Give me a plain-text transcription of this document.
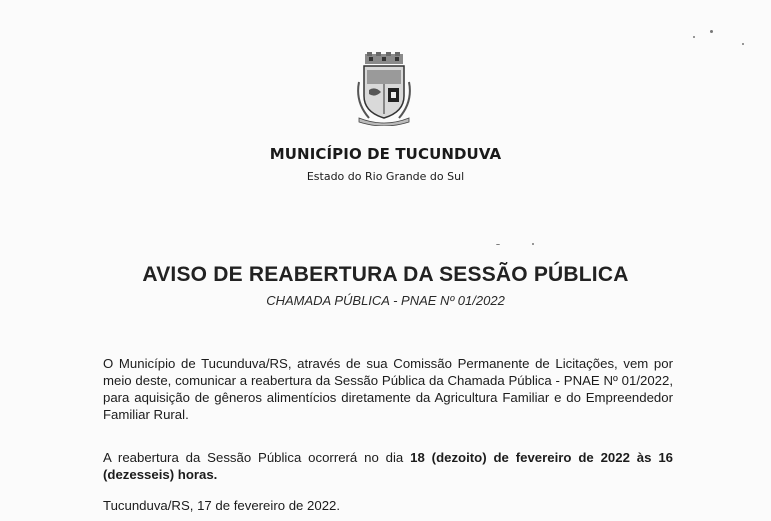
MUNICÍPIO DE TUCUNDUVA
Estado do Rio Grande do Sul
AVISO DE REABERTURA DA SESSÃO PÚBLICA
CHAMADA PÚBLICA - PNAE Nº 01/2022
O Município de Tucunduva/RS, através de sua Comissão Permanente de Licitações, vem por meio deste, comunicar a reabertura da Sessão Pública da Chamada Pública - PNAE Nº 01/2022, para aquisição de gêneros alimentícios diretamente da Agricultura Familiar e do Empreendedor Familiar Rural.
A reabertura da Sessão Pública ocorrerá no dia 18 (dezoito) de fevereiro de 2022 às 16 (dezesseis) horas.
Tucunduva/RS, 17 de fevereiro de 2022.
